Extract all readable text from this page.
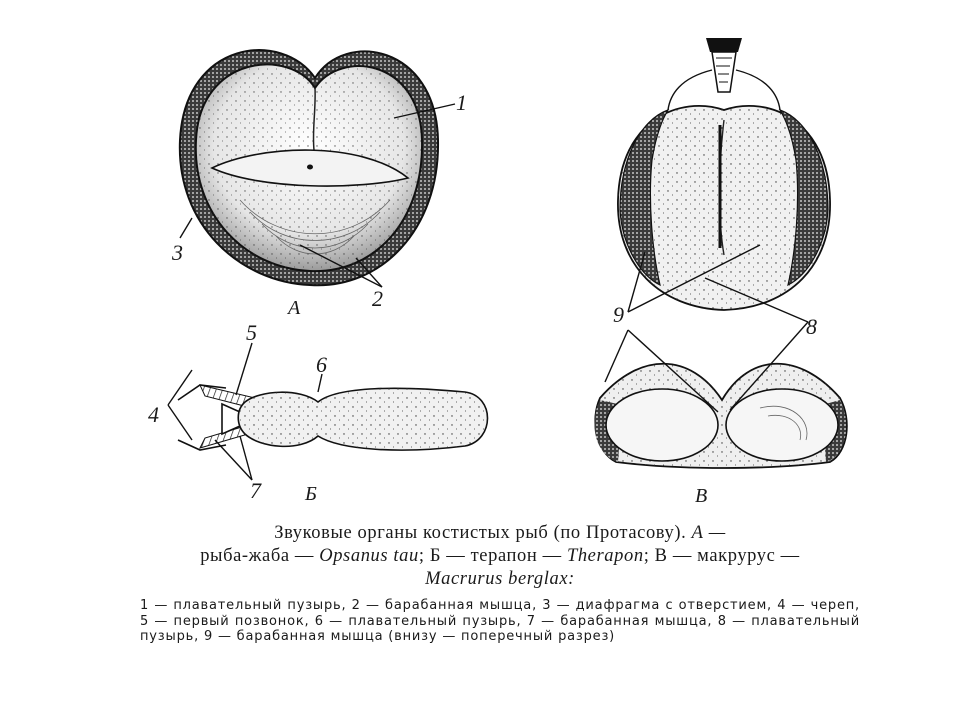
1
2
3
А
4
5
6
7 Б
9	8
В
Звуковые органы костистых рыб (по Протасову). А —
рыба-жаба — Opsanus tau; Б — терапон — Therapon; В — макрурус —
Macrurus berglax:
1 — плавательный пузырь, 2 — барабанная мышца, 3 — диафрагма с отверстием, 4 — череп, 5 — первый позвонок, 6 — плавательный пузырь, 7 — барабанная мышца, 8 — плавательный пузырь, 9 — барабанная мышца (внизу — поперечный разрез)
